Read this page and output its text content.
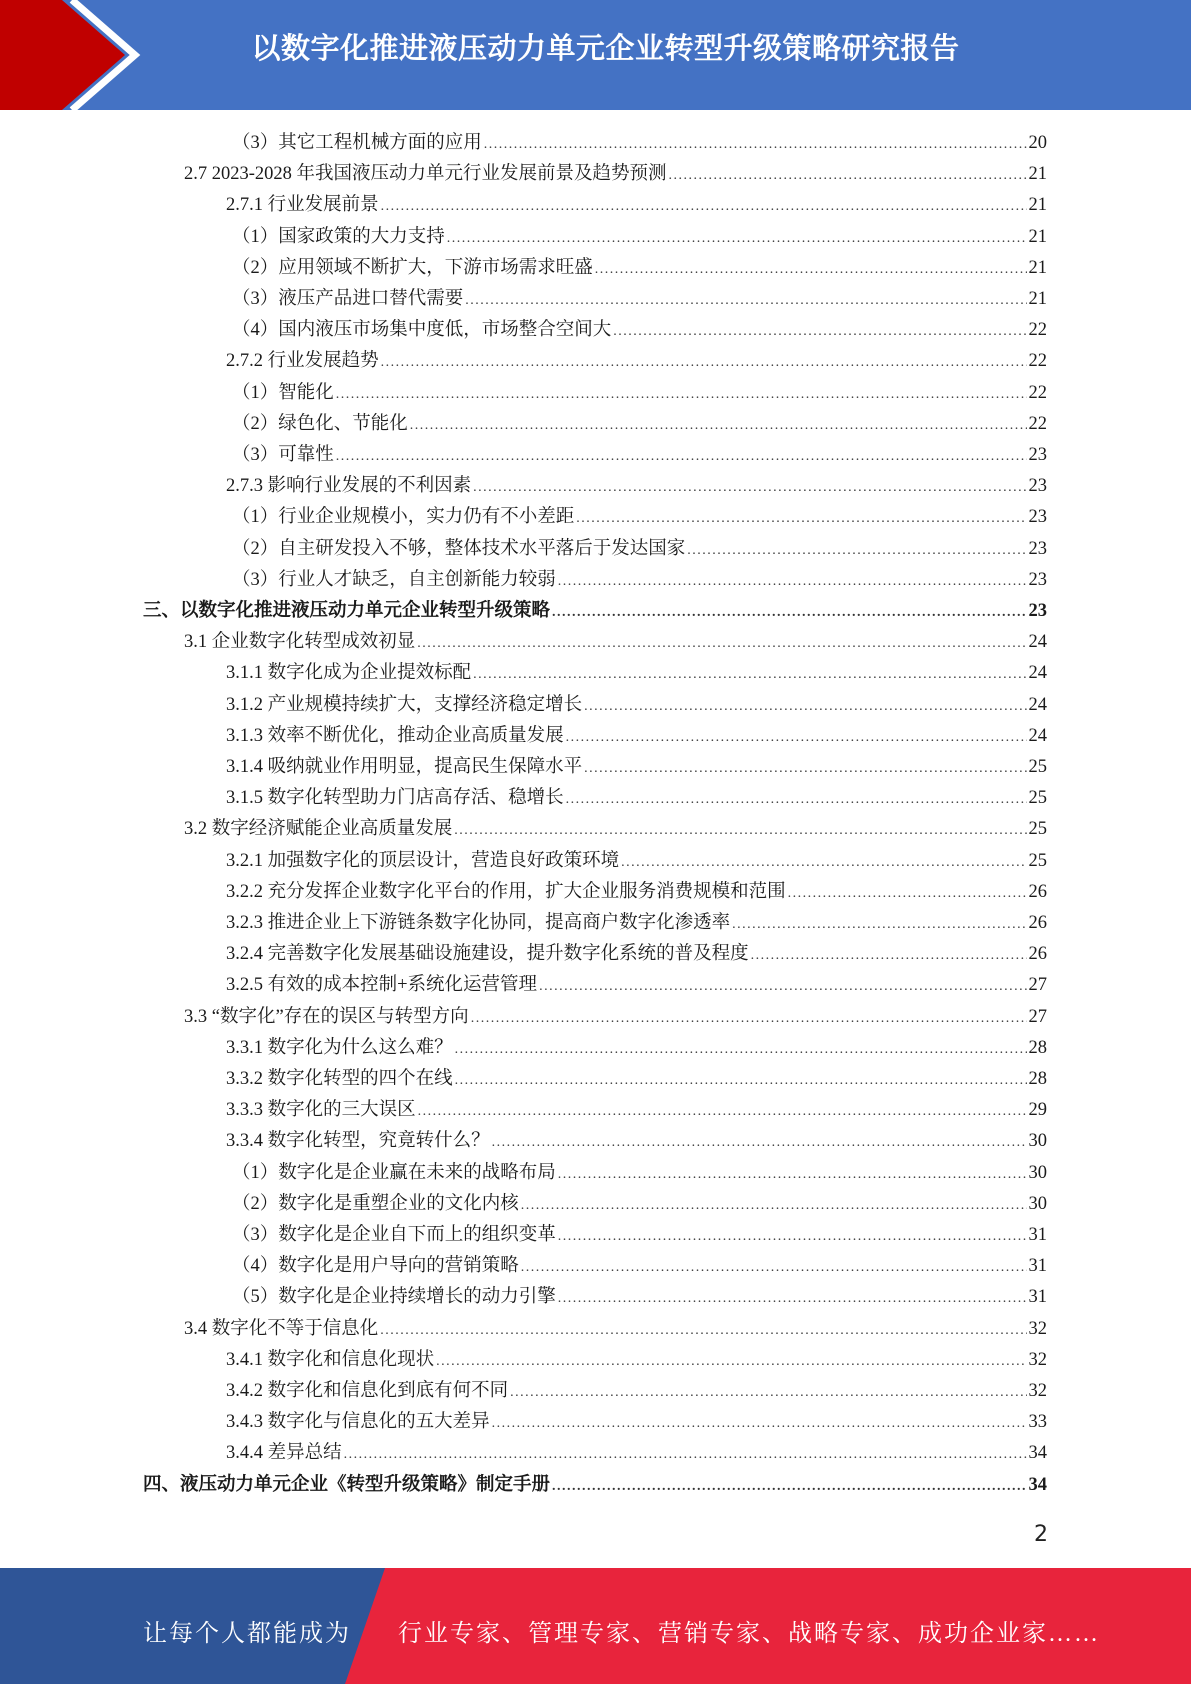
以数字化推进液压动力单元企业转型升级策略研究报告
（3）其它工程机械方面的应用 .....	20
2.7 2023-2028 年我国液压动力单元行业发展前景及趋势预测 .....	21
2.7.1 行业发展前景 .....	21
（1）国家政策的大力支持 .....	21
（2）应用领域不断扩大，下游市场需求旺盛 .....	21
（3）液压产品进口替代需要 .....	21
（4）国内液压市场集中度低，市场整合空间大 .....	22
2.7.2 行业发展趋势 .....	22
（1）智能化 .....	22
（2）绿色化、节能化 .....	22
（3）可靠性 .....	23
2.7.3 影响行业发展的不利因素 .....	23
（1）行业企业规模小，实力仍有不小差距 .....	23
（2）自主研发投入不够，整体技术水平落后于发达国家 .....	23
（3）行业人才缺乏，自主创新能力较弱 .....	23
三、以数字化推进液压动力单元企业转型升级策略 .....	23
3.1 企业数字化转型成效初显 .....	24
3.1.1 数字化成为企业提效标配 .....	24
3.1.2 产业规模持续扩大，支撑经济稳定增长 .....	24
3.1.3 效率不断优化，推动企业高质量发展 .....	24
3.1.4 吸纳就业作用明显，提高民生保障水平 .....	25
3.1.5 数字化转型助力门店高存活、稳增长 .....	25
3.2 数字经济赋能企业高质量发展 .....	25
3.2.1 加强数字化的顶层设计，营造良好政策环境 .....	25
3.2.2 充分发挥企业数字化平台的作用，扩大企业服务消费规模和范围 .....	26
3.2.3 推进企业上下游链条数字化协同，提高商户数字化渗透率 .....	26
3.2.4 完善数字化发展基础设施建设，提升数字化系统的普及程度 .....	26
3.2.5 有效的成本控制+系统化运营管理 .....	27
3.3 “数字化”存在的误区与转型方向 .....	27
3.3.1 数字化为什么这么难？ .....	28
3.3.2 数字化转型的四个在线 .....	28
3.3.3 数字化的三大误区 .....	29
3.3.4 数字化转型，究竟转什么？ .....	30
（1）数字化是企业赢在未来的战略布局 .....	30
（2）数字化是重塑企业的文化内核 .....	30
（3）数字化是企业自下而上的组织变革 .....	31
（4）数字化是用户导向的营销策略 .....	31
（5）数字化是企业持续增长的动力引擎 .....	31
3.4 数字化不等于信息化 .....	32
3.4.1 数字化和信息化现状 .....	32
3.4.2 数字化和信息化到底有何不同 .....	32
3.4.3 数字化与信息化的五大差异 .....	33
3.4.4 差异总结 .....	34
四、液压动力单元企业《转型升级策略》制定手册 .....	34
2
让每个人都能成为 行业专家、管理专家、营销专家、战略专家、成功企业家……
